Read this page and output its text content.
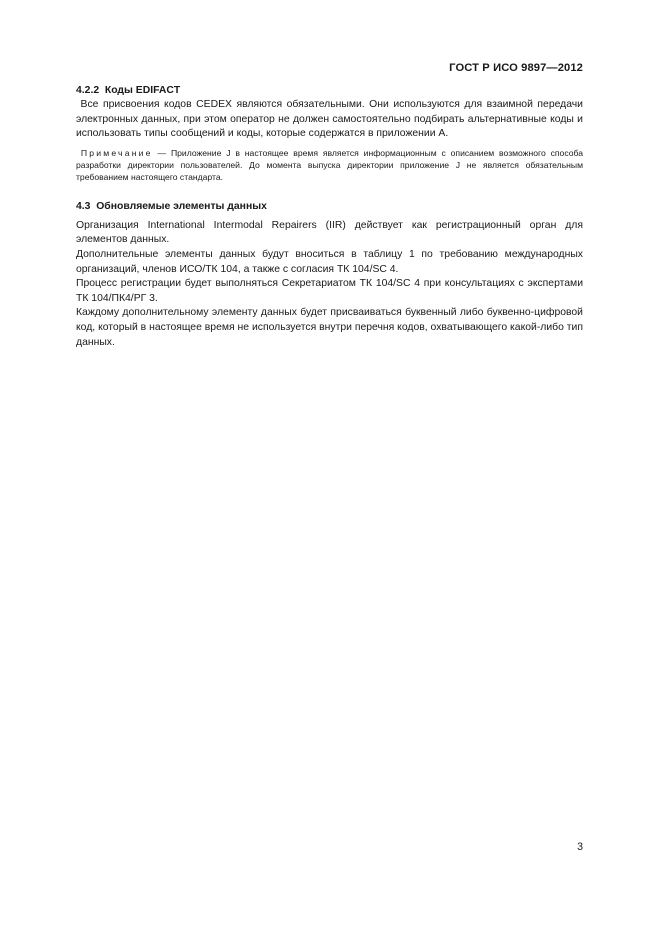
ГОСТ Р ИСО 9897—2012

4.2.2  Коды EDIFACT

Все присвоения кодов CEDEX являются обязательными. Они используются для взаимной передачи электронных данных, при этом оператор не должен самостоятельно подбирать альтернативные коды и использовать типы сообщений и коды, которые содержатся в приложении А.

Примечание — Приложение J в настоящее время является информационным с описанием возможного способа разработки директории пользователей. До момента выпуска директории приложение J не является обязательным требованием настоящего стандарта.

4.3  Обновляемые элементы данных

Организация International Intermodal Repairers (IIR) действует как регистрационный орган для элементов данных.

Дополнительные элементы данных будут вноситься в таблицу 1 по требованию международных организаций, членов ИСО/ТК 104, а также с согласия ТК 104/SC 4.

Процесс регистрации будет выполняться Секретариатом ТК 104/SC 4 при консультациях с экспертами ТК 104/ПК4/РГ 3.

Каждому дополнительному элементу данных будет присваиваться буквенный либо буквенно-цифровой код, который в настоящее время не используется внутри перечня кодов, охватывающего какой-либо тип данных.

3
